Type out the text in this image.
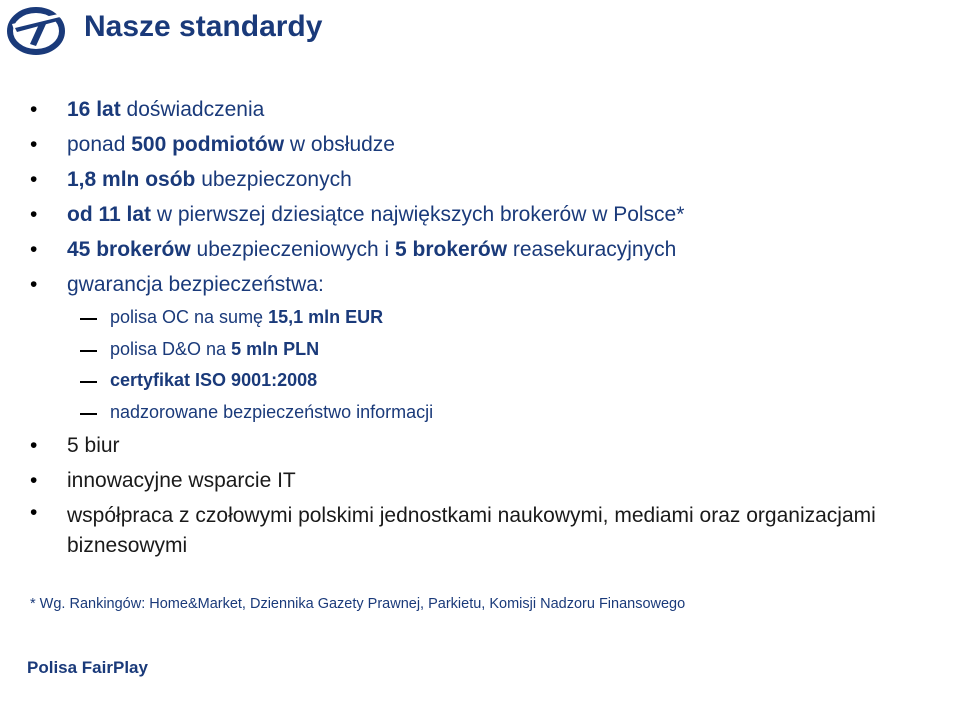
Nasze standardy
• 16 lat doświadczenia
• ponad 500 podmiotów w obsłudze
• 1,8 mln osób ubezpieczonych
• od 11 lat w pierwszej dziesiątce największych brokerów w Polsce*
• 45 brokerów ubezpieczeniowych i 5 brokerów reasekuracyjnych
• gwarancja bezpieczeństwa:
polisa OC na sumę 15,1 mln EUR
polisa D&O na 5 mln PLN
certyfikat ISO 9001:2008
nadzorowane bezpieczeństwo informacji
• 5 biur
• innowacyjne wsparcie IT
• współpraca z czołowymi polskimi jednostkami naukowymi, mediami oraz organizacjami biznesowymi
* Wg. Rankingów: Home&Market, Dziennika Gazety Prawnej, Parkietu, Komisji Nadzoru Finansowego
Polisa FairPlay
